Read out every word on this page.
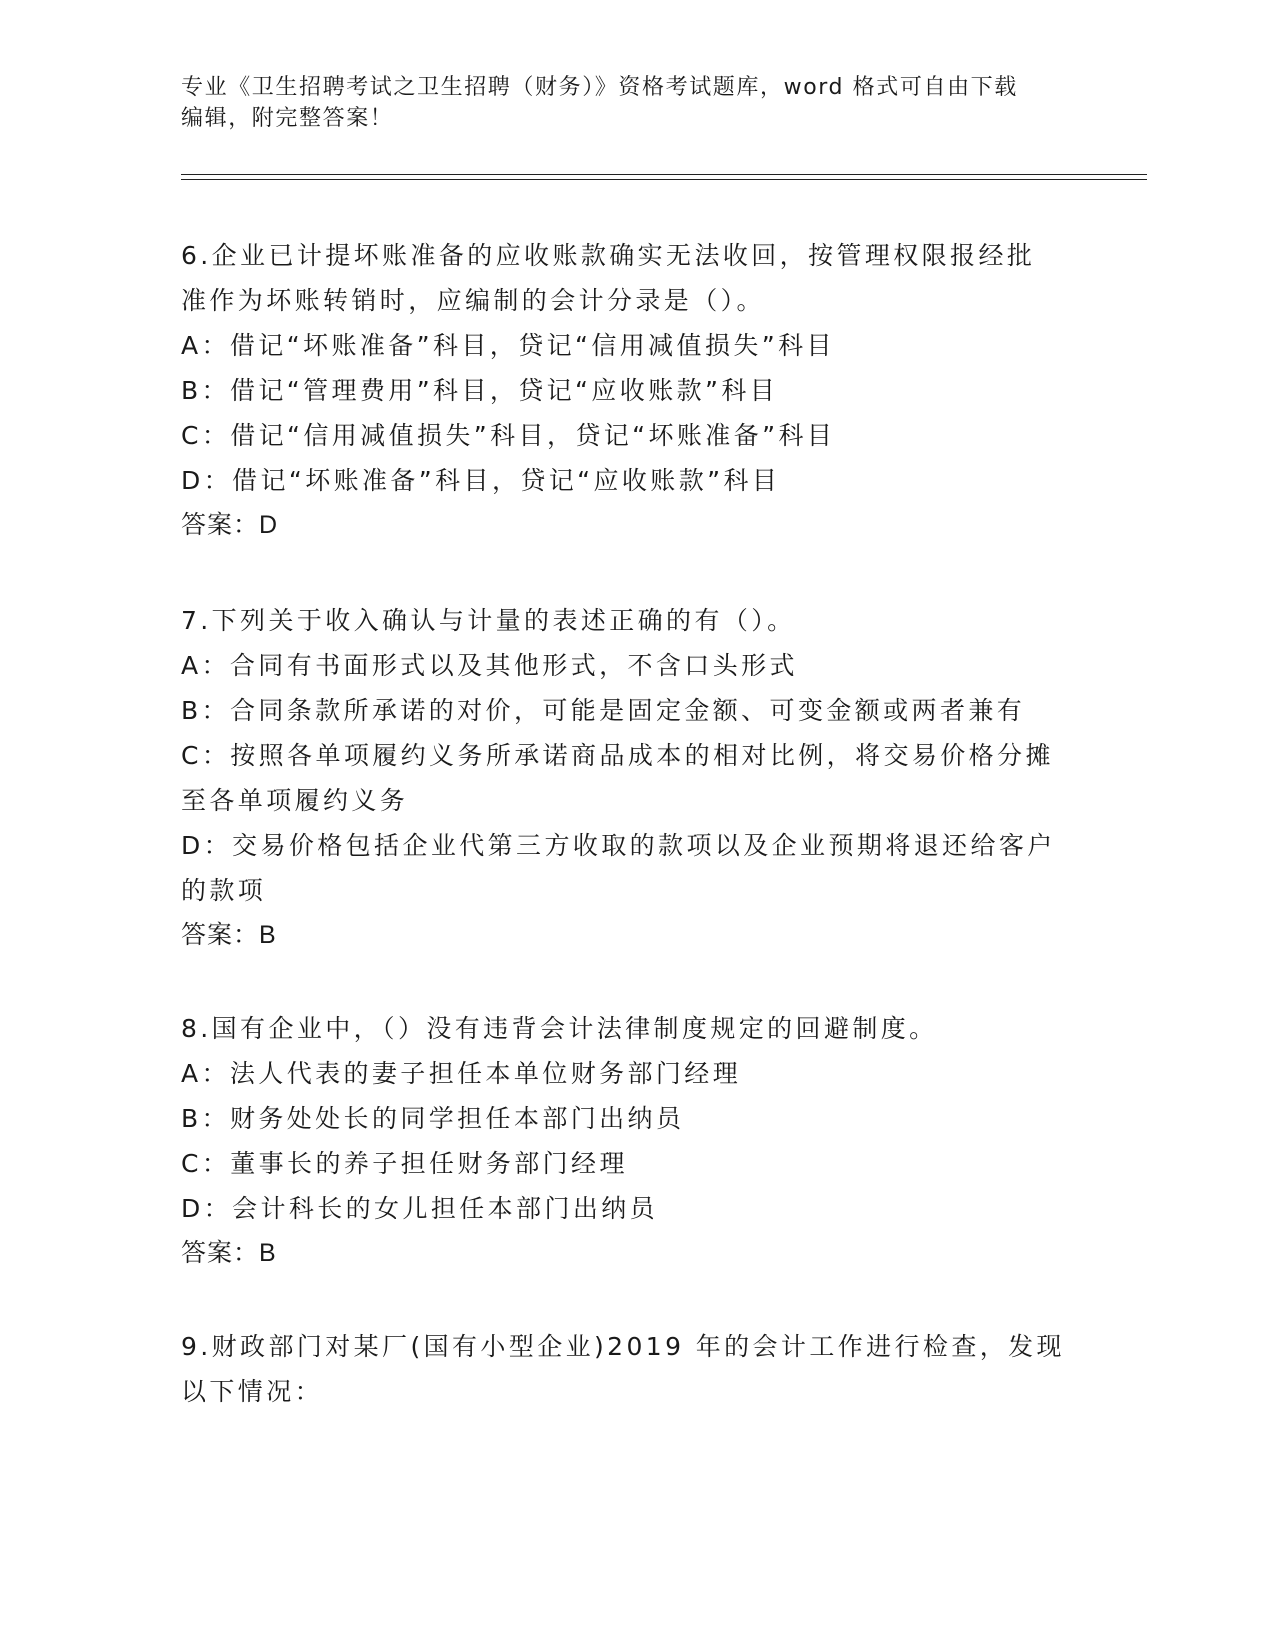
专业《卫生招聘考试之卫生招聘（财务）》资格考试题库，word 格式可自由下载
编辑，附完整答案！
6.企业已计提坏账准备的应收账款确实无法收回，按管理权限报经批
准作为坏账转销时，应编制的会计分录是（）。
A：借记“坏账准备”科目，贷记“信用减值损失”科目
B：借记“管理费用”科目，贷记“应收账款”科目
C：借记“信用减值损失”科目，贷记“坏账准备”科目
D：借记“坏账准备”科目，贷记“应收账款”科目
答案：D
7.下列关于收入确认与计量的表述正确的有（）。
A：合同有书面形式以及其他形式，不含口头形式
B：合同条款所承诺的对价，可能是固定金额、可变金额或两者兼有
C：按照各单项履约义务所承诺商品成本的相对比例，将交易价格分摊
至各单项履约义务
D：交易价格包括企业代第三方收取的款项以及企业预期将退还给客户
的款项
答案：B
8.国有企业中，（）没有违背会计法律制度规定的回避制度。
A：法人代表的妻子担任本单位财务部门经理
B：财务处处长的同学担任本部门出纳员
C：董事长的养子担任财务部门经理
D：会计科长的女儿担任本部门出纳员
答案：B
9.财政部门对某厂(国有小型企业)2019 年的会计工作进行检查，发现
以下情况：
